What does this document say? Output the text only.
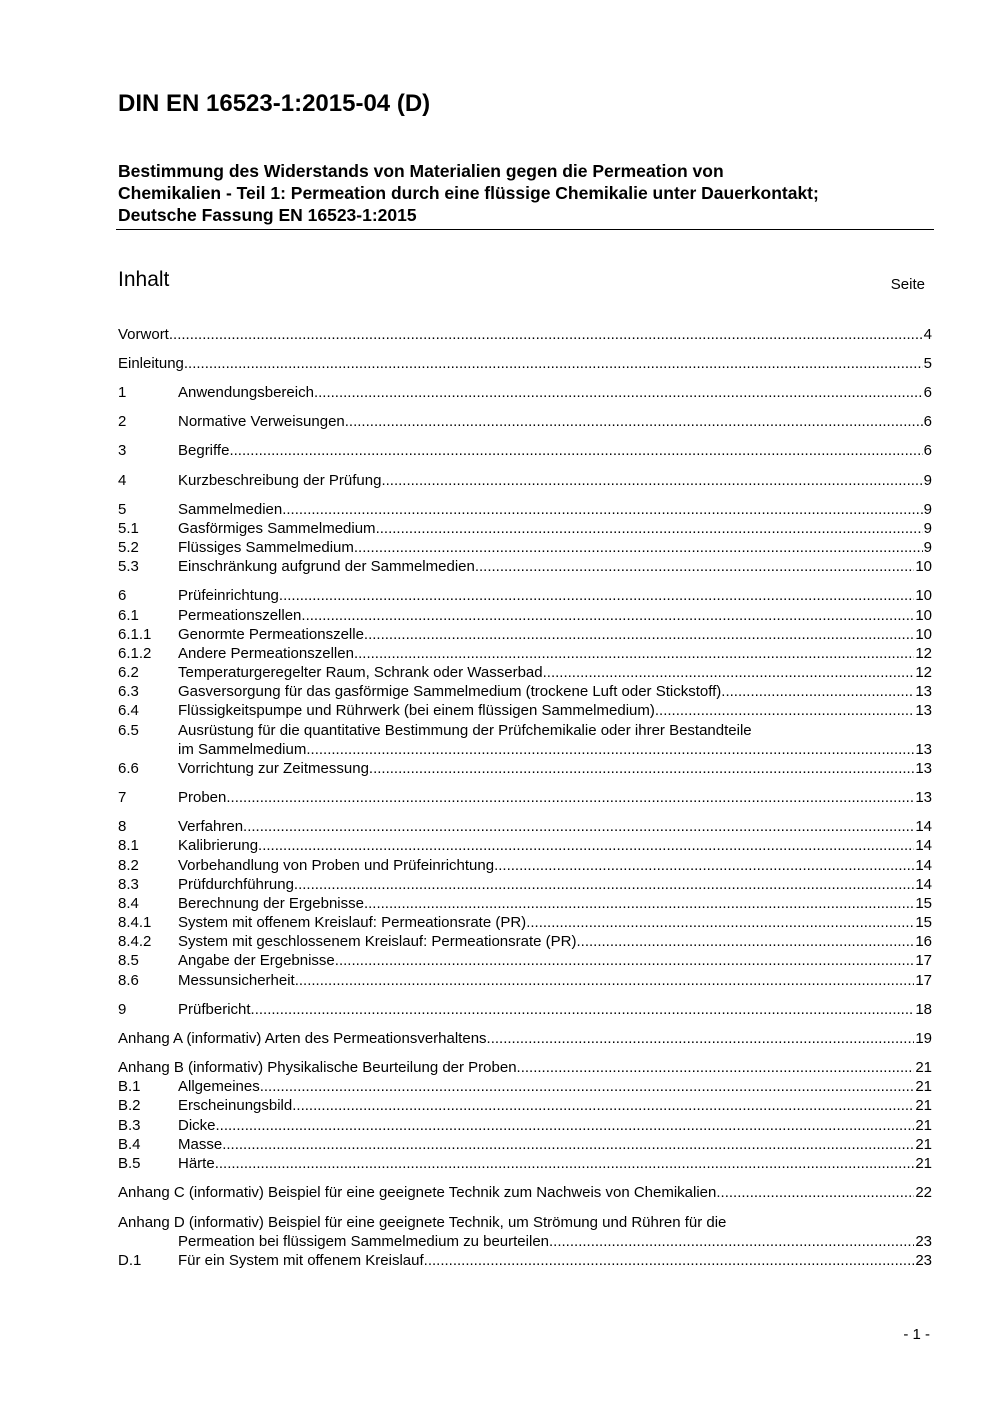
DIN EN 16523-1:2015-04 (D)
Bestimmung des Widerstands von Materialien gegen die Permeation von
Chemikalien - Teil 1: Permeation durch eine flüssige Chemikalie unter Dauerkontakt;
Deutsche Fassung EN 16523-1:2015
Inhalt	Seite
Vorwort .....	4
Einleitung .....	5
1	Anwendungsbereich .....	6
2	Normative Verweisungen .....	6
3	Begriffe .....	6
4	Kurzbeschreibung der Prüfung .....	9
5	Sammelmedien .....	9
5.1	Gasförmiges Sammelmedium .....	9
5.2	Flüssiges Sammelmedium .....	9
5.3	Einschränkung aufgrund der Sammelmedien .....	10
6	Prüfeinrichtung .....	10
6.1	Permeationszellen .....	10
6.1.1	Genormte Permeationszelle .....	10
6.1.2	Andere Permeationszellen .....	12
6.2	Temperaturgeregelter Raum, Schrank oder Wasserbad .....	12
6.3	Gasversorgung für das gasförmige Sammelmedium (trockene Luft oder Stickstoff) .....	13
6.4	Flüssigkeitspumpe und Rührwerk (bei einem flüssigen Sammelmedium) .....	13
6.5	Ausrüstung für die quantitative Bestimmung der Prüfchemikalie oder ihrer Bestandteile
im Sammelmedium .....	13
6.6	Vorrichtung zur Zeitmessung .....	13
7	Proben .....	13
8	Verfahren .....	14
8.1	Kalibrierung .....	14
8.2	Vorbehandlung von Proben und Prüfeinrichtung .....	14
8.3	Prüfdurchführung .....	14
8.4	Berechnung der Ergebnisse .....	15
8.4.1	System mit offenem Kreislauf: Permeationsrate (PR) .....	15
8.4.2	System mit geschlossenem Kreislauf: Permeationsrate (PR) .....	16
8.5	Angabe der Ergebnisse .....	17
8.6	Messunsicherheit .....	17
9	Prüfbericht .....	18
Anhang A (informativ) Arten des Permeationsverhaltens .....	19
Anhang B (informativ) Physikalische Beurteilung der Proben .....	21
B.1	Allgemeines .....	21
B.2	Erscheinungsbild .....	21
B.3	Dicke .....	21
B.4	Masse .....	21
B.5	Härte .....	21
Anhang C (informativ) Beispiel für eine geeignete Technik zum Nachweis von Chemikalien .....	22
Anhang D (informativ) Beispiel für eine geeignete Technik, um Strömung und Rühren für die
Permeation bei flüssigem Sammelmedium zu beurteilen .....	23
D.1	Für ein System mit offenem Kreislauf .....	23
- 1 -
